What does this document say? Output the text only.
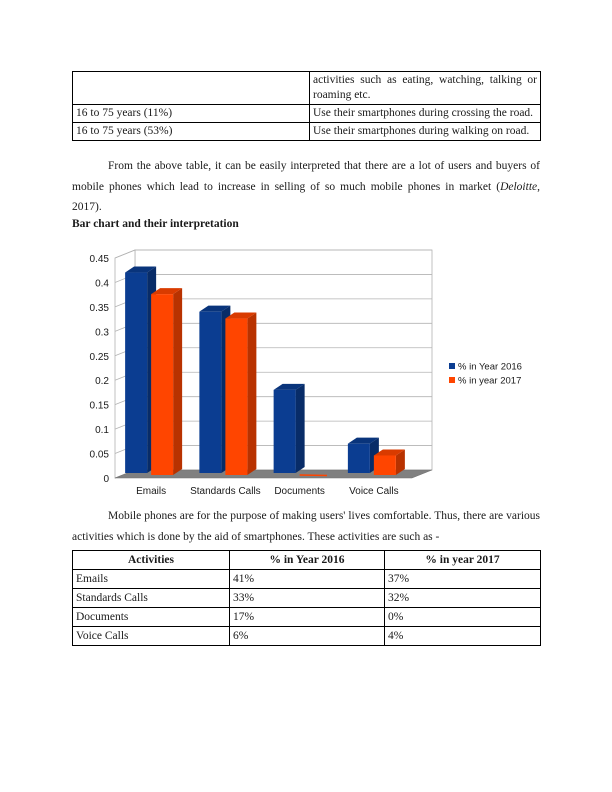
	activities such as eating, watching, talking or roaming etc.
16 to 75 years (11%)	Use their smartphones during crossing the road.
16 to 75 years (53%)	Use their smartphones during walking on road.

From the above table, it can be easily interpreted that there are a lot of users and buyers of mobile phones which lead to increase in selling of so much mobile phones in market (Deloitte, 2017).

Bar chart and their interpretation

0
0.05
0.1
0.15
0.2
0.25
0.3
0.35
0.4
0.45
Emails Standards Calls Documents Voice Calls
% in Year 2016
% in year 2017

Mobile phones are for the purpose of making users' lives comfortable. Thus, there are various activities which is done by the aid of smartphones. These activities are such as -

Activities	% in Year 2016	% in year 2017
Emails	41%	37%
Standards Calls	33%	32%
Documents	17%	0%
Voice Calls	6%	4%
